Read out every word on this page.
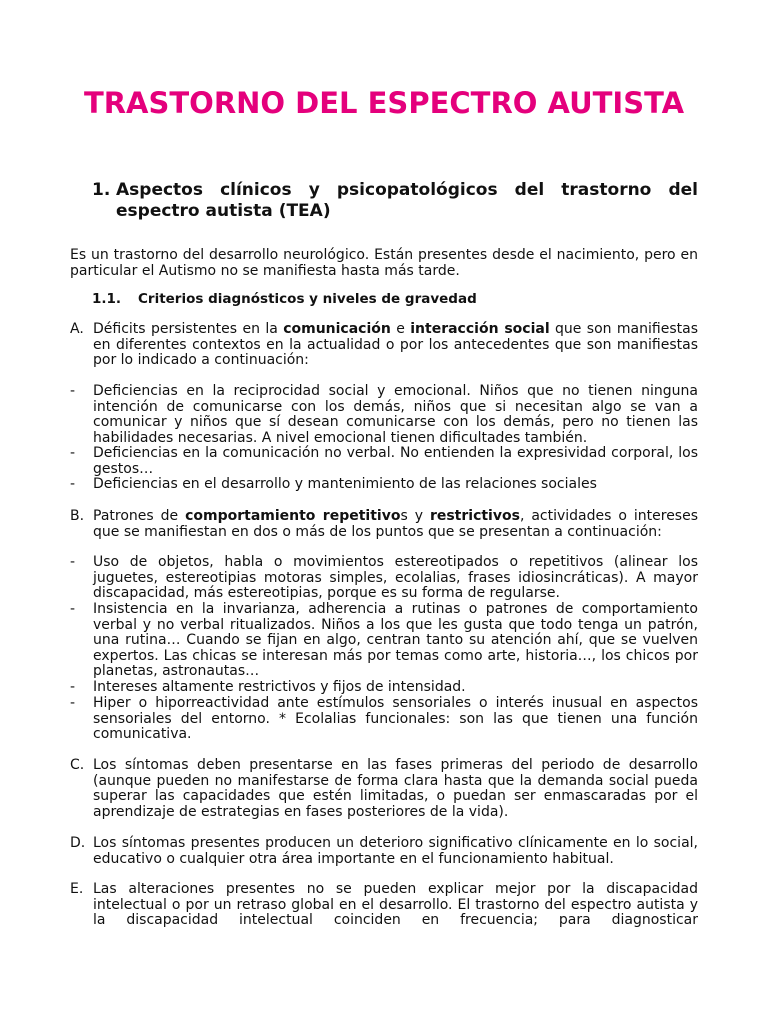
TRASTORNO DEL ESPECTRO AUTISTA
1. Aspectos clínicos y psicopatológicos del trastorno del espectro autista (TEA)

Es un trastorno del desarrollo neurológico. Están presentes desde el nacimiento, pero en particular el Autismo no se manifiesta hasta más tarde.

1.1. Criterios diagnósticos y niveles de gravedad
A. Déficits persistentes en la comunicación e interacción social que son manifiestas en diferentes contextos en la actualidad o por los antecedentes que son manifiestas por lo indicado a continuación:
- Deficiencias en la reciprocidad social y emocional. Niños que no tienen ninguna intención de comunicarse con los demás, niños que si necesitan algo se van a comunicar y niños que sí desean comunicarse con los demás, pero no tienen las habilidades necesarias. A nivel emocional tienen dificultades también.
- Deficiencias en la comunicación no verbal. No entienden la expresividad corporal, los gestos…
- Deficiencias en el desarrollo y mantenimiento de las relaciones sociales
B. Patrones de comportamiento repetitivos y restrictivos, actividades o intereses que se manifiestan en dos o más de los puntos que se presentan a continuación:
- Uso de objetos, habla o movimientos estereotipados o repetitivos (alinear los juguetes, estereotipias motoras simples, ecolalias, frases idiosincráticas). A mayor discapacidad, más estereotipias, porque es su forma de regularse.
- Insistencia en la invarianza, adherencia a rutinas o patrones de comportamiento verbal y no verbal ritualizados. Niños a los que les gusta que todo tenga un patrón, una rutina… Cuando se fijan en algo, centran tanto su atención ahí, que se vuelven expertos. Las chicas se interesan más por temas como arte, historia…, los chicos por planetas, astronautas…
- Intereses altamente restrictivos y fijos de intensidad.
- Hiper o hiporreactividad ante estímulos sensoriales o interés inusual en aspectos sensoriales del entorno. * Ecolalias funcionales: son las que tienen una función comunicativa.
C. Los síntomas deben presentarse en las fases primeras del periodo de desarrollo (aunque pueden no manifestarse de forma clara hasta que la demanda social pueda superar las capacidades que estén limitadas, o puedan ser enmascaradas por el aprendizaje de estrategias en fases posteriores de la vida).
D. Los síntomas presentes producen un deterioro significativo clínicamente en lo social, educativo o cualquier otra área importante en el funcionamiento habitual.
E. Las alteraciones presentes no se pueden explicar mejor por la discapacidad intelectual o por un retraso global en el desarrollo. El trastorno del espectro autista y la discapacidad intelectual coinciden en frecuencia; para diagnosticar
